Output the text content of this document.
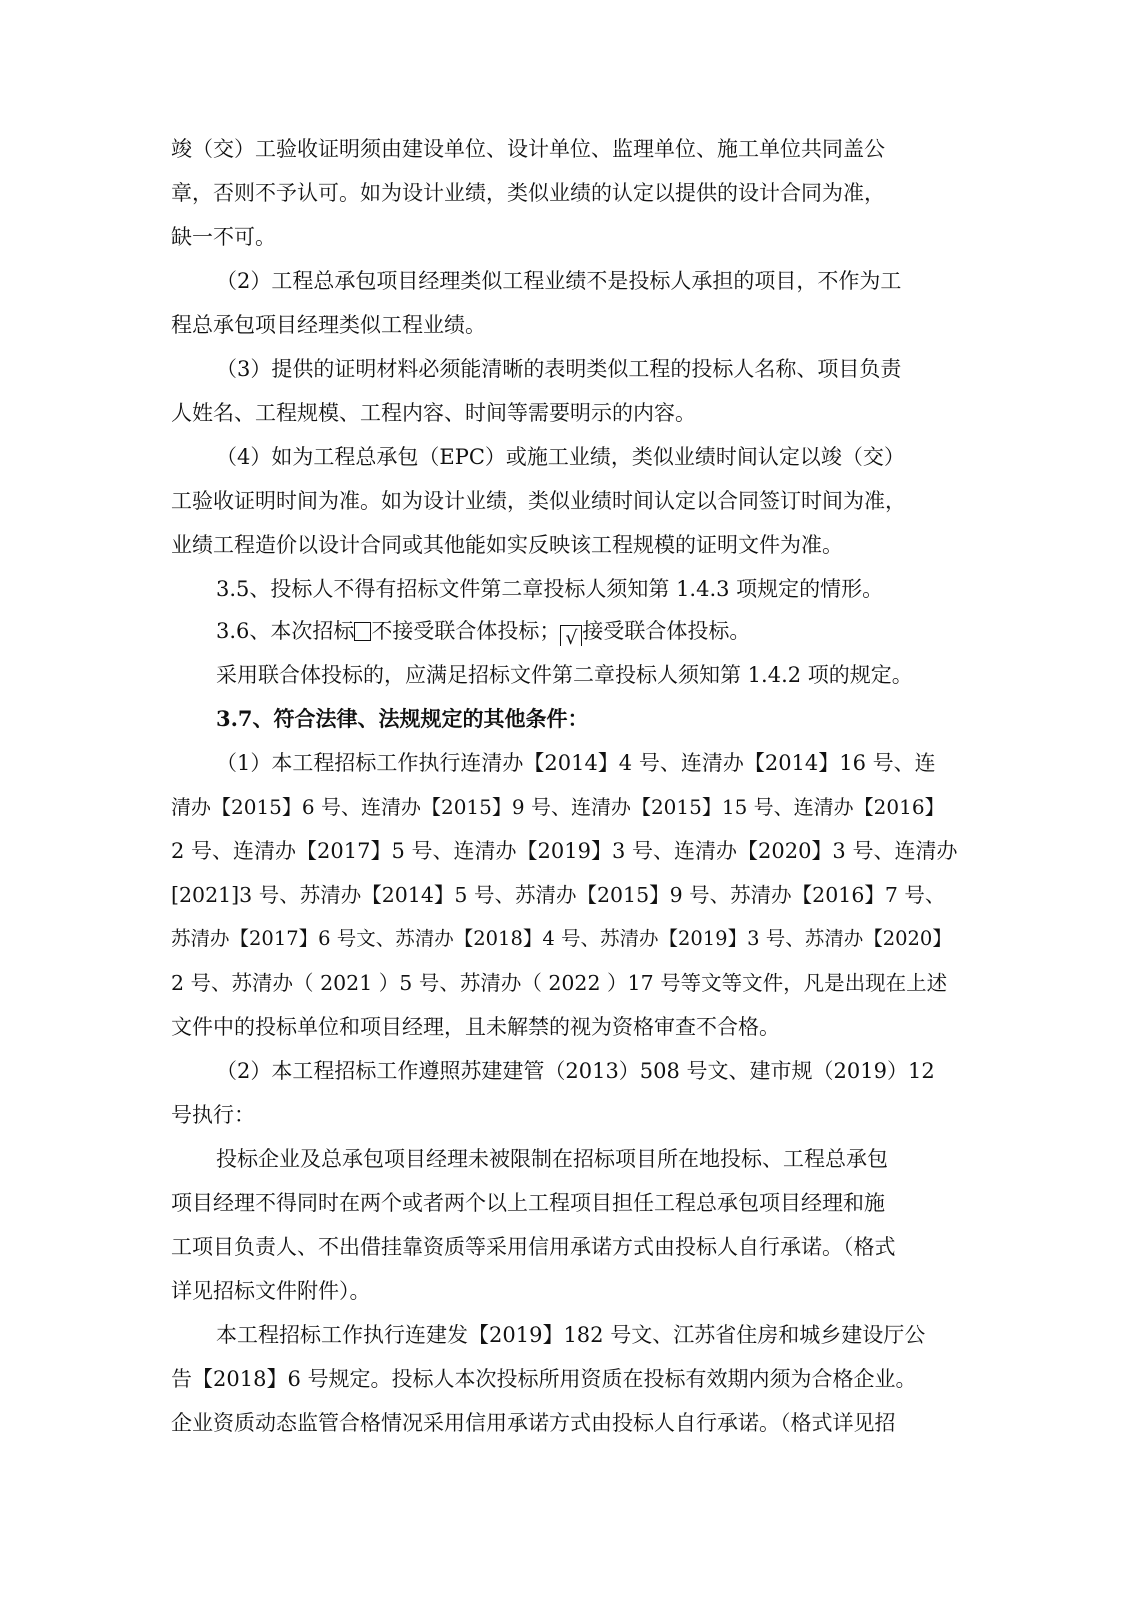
竣（交）工验收证明须由建设单位、设计单位、监理单位、施工单位共同盖公
章，否则不予认可。如为设计业绩，类似业绩的认定以提供的设计合同为准，
缺一不可。
（2）工程总承包项目经理类似工程业绩不是投标人承担的项目，不作为工
程总承包项目经理类似工程业绩。
（3）提供的证明材料必须能清晰的表明类似工程的投标人名称、项目负责
人姓名、工程规模、工程内容、时间等需要明示的内容。
（4）如为工程总承包（EPC）或施工业绩，类似业绩时间认定以竣（交）
工验收证明时间为准。如为设计业绩，类似业绩时间认定以合同签订时间为准，
业绩工程造价以设计合同或其他能如实反映该工程规模的证明文件为准。
3.5、投标人不得有招标文件第二章投标人须知第 1.4.3 项规定的情形。
3.6、本次招标 不接受联合体投标； √ 接受联合体投标。
采用联合体投标的，应满足招标文件第二章投标人须知第 1.4.2 项的规定。
3.7、符合法律、法规规定的其他条件：
（1）本工程招标工作执行连清办【2014】4 号、连清办【2014】16 号、连
清办【2015】6 号、连清办【2015】9 号、连清办【2015】15 号、连清办【2016】
2 号、连清办【2017】5 号、连清办【2019】3 号、连清办【2020】3 号、连清办
[2021]3 号、苏清办【2014】5 号、苏清办【2015】9 号、苏清办【2016】7 号、
苏清办【2017】6 号文、苏清办【2018】4 号、苏清办【2019】3 号、苏清办【2020】
2 号、苏清办（ 2021 ）5 号、苏清办（ 2022 ）17 号等文等文件，凡是出现在上述
文件中的投标单位和项目经理，且未解禁的视为资格审查不合格。
（2）本工程招标工作遵照苏建建管（2013）508 号文、建市规（2019）12
号执行：
投标企业及总承包项目经理未被限制在招标项目所在地投标、工程总承包
项目经理不得同时在两个或者两个以上工程项目担任工程总承包项目经理和施
工项目负责人、不出借挂靠资质等采用信用承诺方式由投标人自行承诺。（格式
详见招标文件附件）。
本工程招标工作执行连建发【2019】182 号文、江苏省住房和城乡建设厅公
告【2018】6 号规定。投标人本次投标所用资质在投标有效期内须为合格企业。
企业资质动态监管合格情况采用信用承诺方式由投标人自行承诺。（格式详见招
